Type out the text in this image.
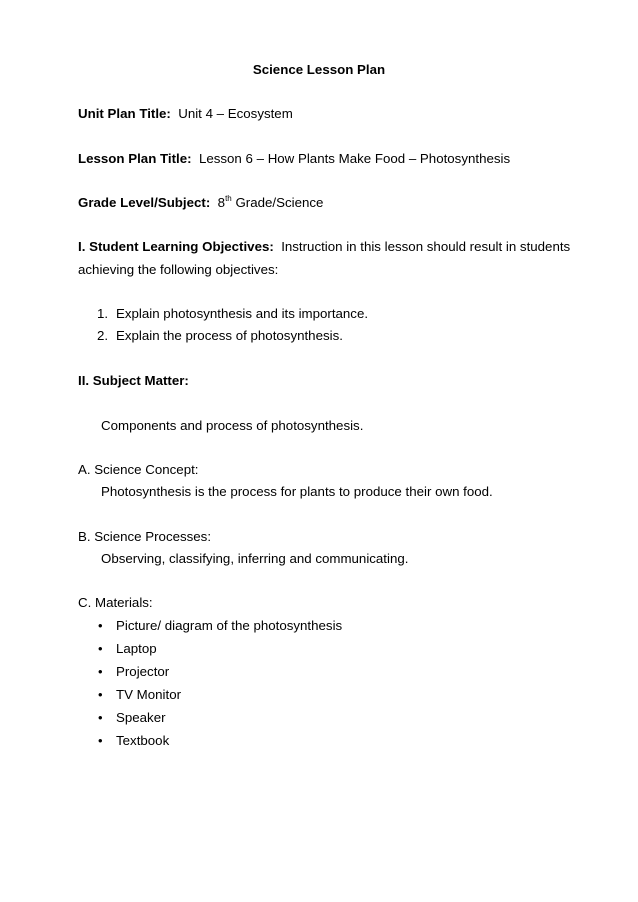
Science Lesson Plan
Unit Plan Title: Unit 4 – Ecosystem
Lesson Plan Title: Lesson 6 – How Plants Make Food – Photosynthesis
Grade Level/Subject: 8th Grade/Science
I. Student Learning Objectives: Instruction in this lesson should result in students
achieving the following objectives:
1. Explain photosynthesis and its importance.
2. Explain the process of photosynthesis.
II. Subject Matter:
Components and process of photosynthesis.
A. Science Concept:
Photosynthesis is the process for plants to produce their own food.
B. Science Processes:
Observing, classifying, inferring and communicating.
C. Materials:
• Picture/ diagram of the photosynthesis
• Laptop
• Projector
• TV Monitor
• Speaker
• Textbook
